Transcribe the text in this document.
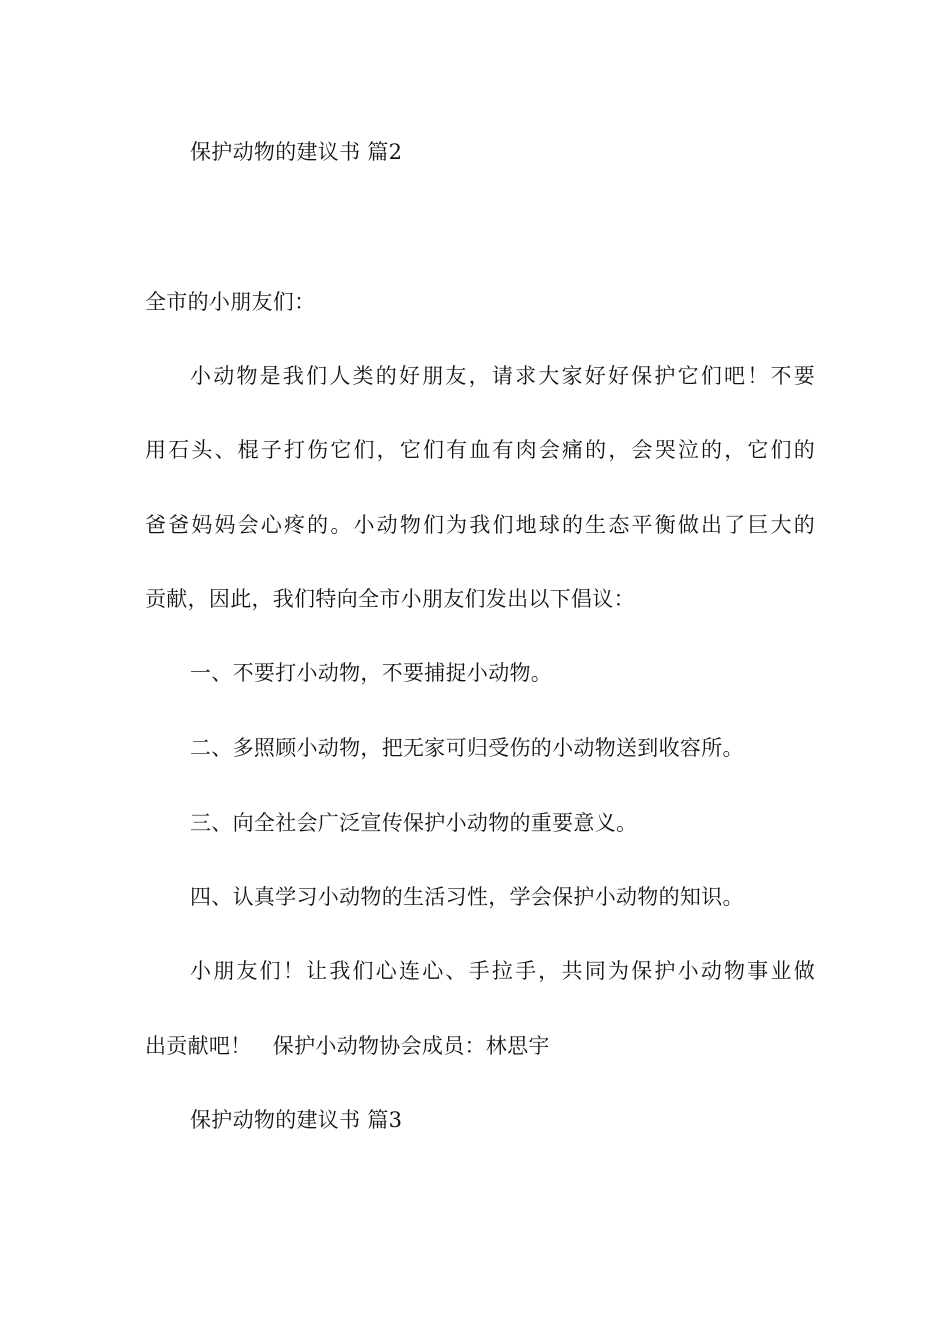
保护动物的建议书 篇2
全市的小朋友们：
小动物是我们人类的好朋友，请求大家好好保护它们吧！不要
用石头、棍子打伤它们，它们有血有肉会痛的，会哭泣的，它们的
爸爸妈妈会心疼的。小动物们为我们地球的生态平衡做出了巨大的
贡献，因此，我们特向全市小朋友们发出以下倡议：
一、不要打小动物，不要捕捉小动物。
二、多照顾小动物，把无家可归受伤的小动物送到收容所。
三、向全社会广泛宣传保护小动物的重要意义。
四、认真学习小动物的生活习性，学会保护小动物的知识。
小朋友们！让我们心连心、手拉手，共同为保护小动物事业做
出贡献吧！　保护小动物协会成员：林思宇
保护动物的建议书 篇3
